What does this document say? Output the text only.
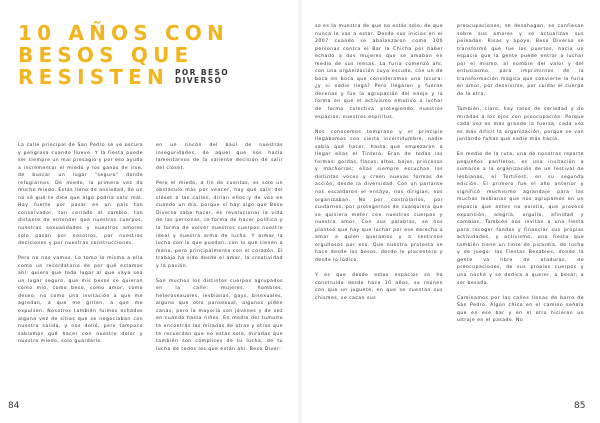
10 AÑOS CON
BESOS QUE
RESISTEN POR BESO DIVERSO

La calle principal de San Pedro se ve oscura y peligrosa cuando llueve. Y la fiesta puede ser siempre un mal presagio y por eso ayuda a incrementar el miedo y los ganas de irse, de buscar un lugar "seguro" donde refugiarnos. De miedo, la primera vez da mucho miedo. Estás lleno de ansiedad, de un no sé qué te dice que algo podría salir mal. Hay fuerte por pasar en un país tan conservador, tan cerrado al cambio, tan distante de entender que nuestros cuerpos, nuestras sexualidades y nuestros amores solo pasan por nosotros, por nuestras decisiones y por nuestras construcciones.

Pero no nos vamos. Lo tomo lo mismo a ella como un recordatorio de por qué estamos ahí: quiero que todo lugar al que vaya sea un lugar seguro, que mis besos se quieran como mío, como beso, como amor, como deseo, no como una invitación a que me agredan, a que me griten, a que me expulsen. Nosotros también fuimos echados alguna vez de sitios que se negociaban con nuestra salida, y nos dolió, pero tampoco sabíamos qué hacer con nuestro dolor y nuestro miedo, solo guardarlo

en un rincón del baúl de nuestras inseguridades, de aquel que nos hacía lamentarnos de la valiente decisión de salir del clóset.

Pero el miedo, a fin de cuentas, es solo un obstáculo más por vencer, hay que salir del clóset a las calles, dirían ellos y de vez en cuando un día, porque sí hay algo que Beso Diverso sabe hacer, es revolucionar la vida de las personas, la forma de hacer política y la forma de volver nuestros cuerpos nuestro ideal y nuestra arma de lucha. Y armar la lucha con lo que puedan, con lo que tienen a mano, pero principalmente con el corazón. El trabajo ha sido desde el amor, la creatividad y la pasión.

Son muchos los distintos cuerpos agrupados en la calle: mujeres, hombres, heterosexuales, lesbianas, gays, bisexuales, alguno que otro pansexual, algunos piden canas, pero la mayoría son jóvenes y de vez en cuando hasta niños. En medio del tumulto te encontrás las miradas de otras y otros que te recuerdan que no estás solo, miradas que también son cómplices de tu lucha, de tu lucha de todos los que están ahí. Beso Diver-

84

so es la muestra de que no estás solo, de que nunca lo vas a estar. Desde sus inicios en el 2007 cuando se abalanzaron como 100 personas contra el Bar la Chicha por haber echado a dos mujeres que se amaban en medio de sus mesas. La furia comenzó ahí, con una organización cuyo escudo, con un de boca en boca que consideramos una locura: ¿y si nadie llega? Pero llegaron y fueron decenas y fue la agrupación del enojo y la forma en que el activismo emotivo a luchar de forma colectiva protegiendo nuestros espacios, nuestros espíritus.

Nos conocemos temprano y el principio llegábamos con cierta incertidumbre, nadie sabía qué hacer, hasta que empezaron a llegar ellas el Tintero. Eran de todas las formas: gordas, flacos, altos, bajos, princesas y machorras; ellas siempre escuchan las distintas voces y creen nuevas formas de acción, desde la diversidad. Con un parlante nos escaldaron el ensayo, nos dirigían, nos organizaban. No por controlarlos, por cuidarnos, por protegernos de cualquiera que se quisiera meter con nuestros cuerpos y nuestro amor. Con sus palabras, se nos planteó que hay que luchar por ese derecho a amar a quien queramos y a sentirnos orgullosos por eso. Que nuestra protesta se hace desde los besos, desde le placentero y desde lo lúdico.

Y es que desde estos espacios se ha construido desde hace 10 años, se reúnen con que un juguete, en que se cuentan sus chismes, se cacan sus

preocupaciones, se desahogan, se confiesan sobre sus amores y se actualizan sus peinados. Risas y apoyo, Beso Diverso se transformó que fue los puertos, hacia un espacio que la gente puede entrar a luchar por el mismo, al nombre del valor y del entusiasmo, para imprimirnos de la transformación mágica que convierte la furia en amor, por desvivirse, por cuidar el cuerpo de la otra.

También, claro, hay ratos de seriedad y de miradas a los ojos con preocupación. Porque cada vez es más grande la fuerza, cada vez es más difícil la organización, porque se van juntando faltas que nadie más hacía.

En medio de la ruta, una de nosotras reparte pequeños panfletos, es una invitación a sumarse a la organización de un festival de lesbianas, el TortiFest, en su segunda edición. El primero fue el año anterior y significó muchísimo agrandaje para las muchas lesbianas que nos agrupamos en un espacio que antes no existía, que provocó expansión, alegría, orgullo, afinidad y cambios. También nos invitan a una fiesta para recoger fondos y financiar sus propias actividades, y activismo, una fiesta que también tiene un tinte de picardía, de lucha y de juego: las Fiestas Besables, donde la gente va libre de ataduras, de preocupaciones, de sus propios cuerpos y una noche y se dedica a querer, a besar, a ser besada.

Caminamos por las calles llenas de barro de San Pedro. Algún chico en el camino señala que en ese bar y en el otro hicieron un ultraje en el pasado. No

85
